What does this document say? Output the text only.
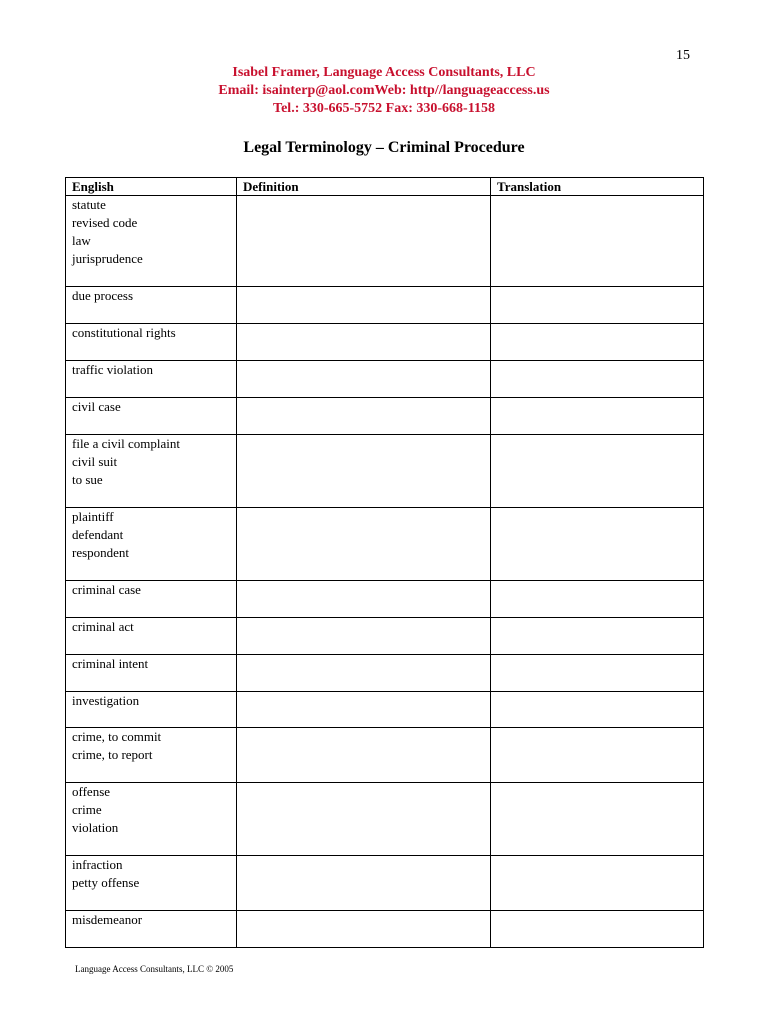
15
Isabel Framer, Language Access Consultants, LLC
Email: isainterp@aol.comWeb: http//languageaccess.us
Tel.: 330-665-5752 Fax: 330-668-1158
Legal Terminology – Criminal Procedure
English	Definition	Translation

statute
revised code
law
jurisprudence		

due process		

constitutional rights		

traffic violation		

civil case		

file a civil complaint
civil suit
to sue		

plaintiff
defendant
respondent		

criminal case		

criminal act		

criminal intent		

investigation		

crime, to commit
crime, to report		

offense
crime
violation		

infraction
petty offense		

misdemeanor		

Language Access Consultants, LLC © 2005
